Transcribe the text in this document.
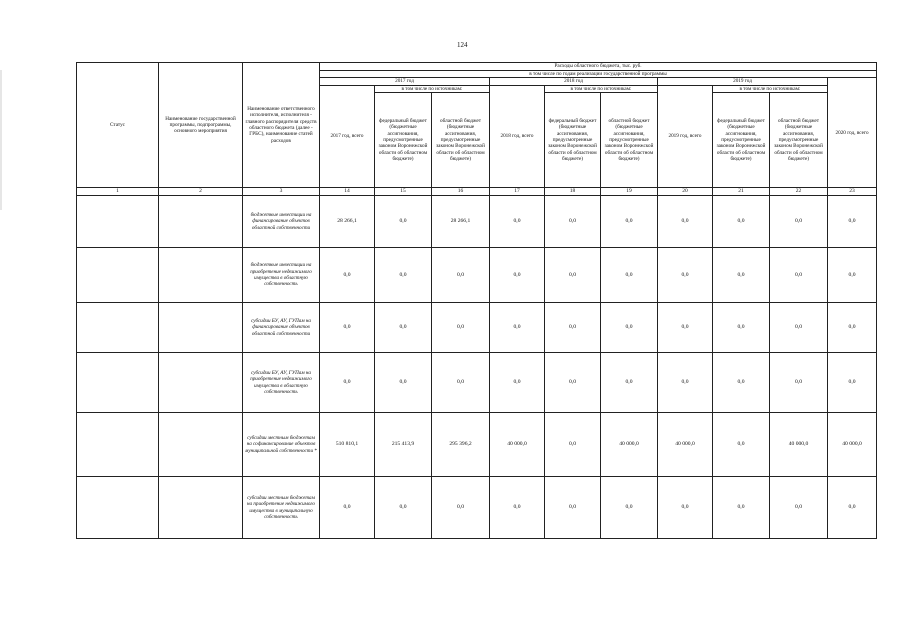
124
Статус	Наименование государственной программы, подпрограммы, основного мероприятия	Наименование ответственного исполнителя, исполнителя - главного распорядителя средств областного бюджета (далее - ГРБС), наименование статей расходов	Расходы областного бюджета, тыс. руб.									
			в том числе по годам реализации государственной программы									
			2017 год			2018 год			2019 год			2020 год, всего
			2017 год, всего	в том числе по источникам:		2018 год, всего	в том числе по источникам:		2019 год, всего	в том числе по источникам:		
				федеральный бюджет (бюджетные ассигнования, предусмотренные законом Воронежской области об областном бюджете)	областной бюджет (бюджетные ассигнования, предусмотренные законом Воронежской области об областном бюджете)		федеральный бюджет (бюджетные ассигнования, предусмотренные законом Воронежской области об областном бюджете)	областной бюджет (бюджетные ассигнования, предусмотренные законом Воронежской области об областном бюджете)		федеральный бюджет (бюджетные ассигнования, предусмотренные законом Воронежской области об областном бюджете)	областной бюджет (бюджетные ассигнования, предусмотренные законом Воронежской области об областном бюджете)	
1	2	3	14	15	16	17	18	19	20	21	22	23
		бюджетные инвестиции на финансирование объектов областной собственности	28 266,1	0,0	28 266,1	0,0	0,0	0,0	0,0	0,0	0,0	0,0
		бюджетные инвестиции на приобретение недвижимого имущества в областную собственность	0,0	0,0	0,0	0,0	0,0	0,0	0,0	0,0	0,0	0,0
		субсидии БУ, АУ, ГУПам на финансирование объектов областной собственности	0,0	0,0	0,0	0,0	0,0	0,0	0,0	0,0	0,0	0,0
		субсидии БУ, АУ, ГУПам на приобретение недвижимого имущества в областную собственность	0,0	0,0	0,0	0,0	0,0	0,0	0,0	0,0	0,0	0,0
		субсидии местным бюджетам на софинансирование объектов муниципальной собственности *	510 810,1	215 413,9	295 396,2	40 000,0	0,0	40 000,0	40 000,0	0,0	40 000,0	40 000,0
		субсидии местным бюджетам на приобретение недвижимого имущества в муниципальную собственность	0,0	0,0	0,0	0,0	0,0	0,0	0,0	0,0	0,0	0,0
